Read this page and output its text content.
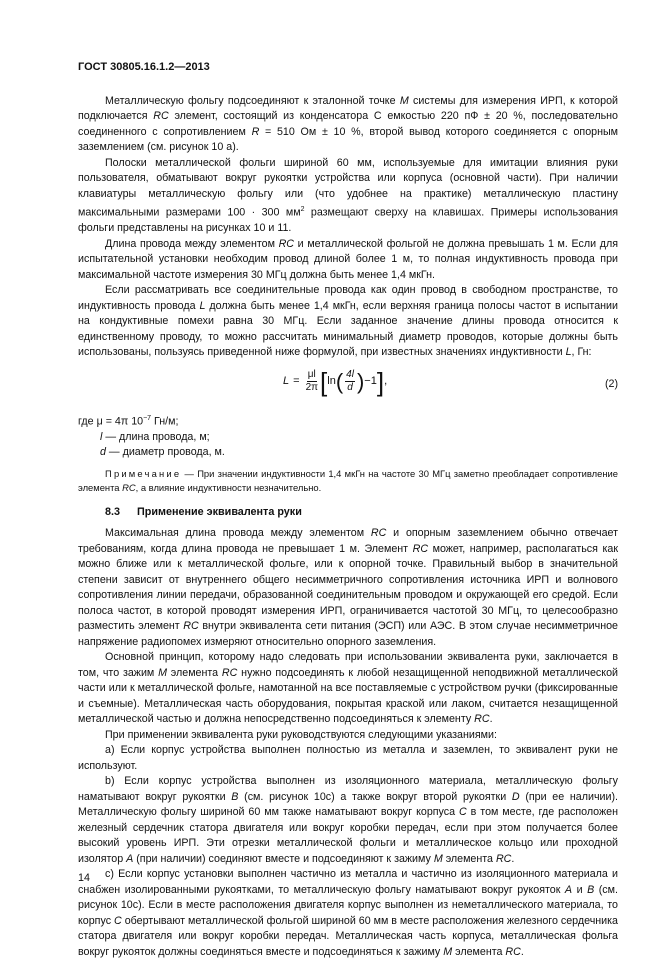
ГОСТ 30805.16.1.2—2013

Металлическую фольгу подсоединяют к эталонной точке M системы для измерения ИРП, к которой подключается RC элемент, состоящий из конденсатора С емкостью 220 пФ ± 20 %, последовательно соединенного с сопротивлением R = 510 Ом ± 10 %, второй вывод которого соединяется с опорным заземлением (см. рисунок 10 а).

Полоски металлической фольги шириной 60 мм, используемые для имитации влияния руки пользователя, обматывают вокруг рукоятки устройства или корпуса (основной части). При наличии клавиатуры металлическую фольгу или (что удобнее на практике) металлическую пластину максимальными размерами 100 · 300 $мм^2$ размещают сверху на клавишах. Примеры использования фольги представлены на рисунках 10 и 11.

Длина провода между элементом RC и металлической фольгой не должна превышать 1 м. Если для испытательной установки необходим провод длиной более 1 м, то полная индуктивность провода при максимальной частоте измерения 30 МГц должна быть менее 1,4 мкГн.

Если рассматривать все соединительные провода как один провод в свободном пространстве, то индуктивность провода L должна быть менее 1,4 мкГн, если верхняя граница полосы частот в испытании на кондуктивные помехи равна 30 МГц. Если заданное значение длины провода относится к единственному проводу, то можно рассчитать минимальный диаметр проводов, которые должны быть использованы, пользуясь приведенной ниже формулой, при известных значениях индуктивности L, Гн:

$L = \frac{\mu l}{2\pi}$ [ ln ( $\frac{4l}{d}$ ) −1 ] ,	(2)
где μ = 4π $10^{-7}$ Гн/м;
l — длина провода, м;
d — диаметр провода, м.
Примечание — При значении индуктивности 1,4 мкГн на частоте 30 МГц заметно преобладает сопротивление элемента RC, а влияние индуктивности незначительно.
8.3 Применение эквивалента руки

Максимальная длина провода между элементом RC и опорным заземлением обычно отвечает требованиям, когда длина провода не превышает 1 м. Элемент RC может, например, располагаться как можно ближе или к металлической фольге, или к опорной точке. Правильный выбор в значительной степени зависит от внутреннего общего несимметричного сопротивления источника ИРП и волнового сопротивления линии передачи, образованной соединительным проводом и окружающей его средой. Если полоса частот, в которой проводят измерения ИРП, ограничивается частотой 30 МГц, то целесообразно разместить элемент RC внутри эквивалента сети питания (ЭСП) или АЭС. В этом случае несимметричное напряжение радиопомех измеряют относительно опорного заземления.

Основной принцип, которому надо следовать при использовании эквивалента руки, заключается в том, что зажим M элемента RC нужно подсоединять к любой незащищенной неподвижной металлической части или к металлической фольге, намотанной на все поставляемые с устройством ручки (фиксированные и съемные). Металлическая часть оборудования, покрытая краской или лаком, считается незащищенной металлической частью и должна непосредственно подсоединяться к элементу RC.

При применении эквивалента руки руководствуются следующими указаниями:

a) Если корпус устройства выполнен полностью из металла и заземлен, то эквивалент руки не используют.

b) Если корпус устройства выполнен из изоляционного материала, металлическую фольгу наматывают вокруг рукоятки B (см. рисунок 10с) а также вокруг второй рукоятки D (при ее наличии). Металлическую фольгу шириной 60 мм также наматывают вокруг корпуса C в том месте, где расположен железный сердечник статора двигателя или вокруг коробки передач, если при этом получается более высокий уровень ИРП. Эти отрезки металлической фольги и металлическое кольцо или проходной изолятор A (при наличии) соединяют вместе и подсоединяют к зажиму M элемента RC.

c) Если корпус установки выполнен частично из металла и частично из изоляционного материала и снабжен изолированными рукоятками, то металлическую фольгу наматывают вокруг рукояток A и B (см. рисунок 10с). Если в месте расположения двигателя корпус выполнен из неметаллического материала, то корпус C обертывают металлической фольгой шириной 60 мм в месте расположения железного сердечника статора двигателя или вокруг коробки передач. Металлическая часть корпуса, металлическая фольга вокруг рукояток должны соединяться вместе и подсоединяться к зажиму M элемента RC.

14
